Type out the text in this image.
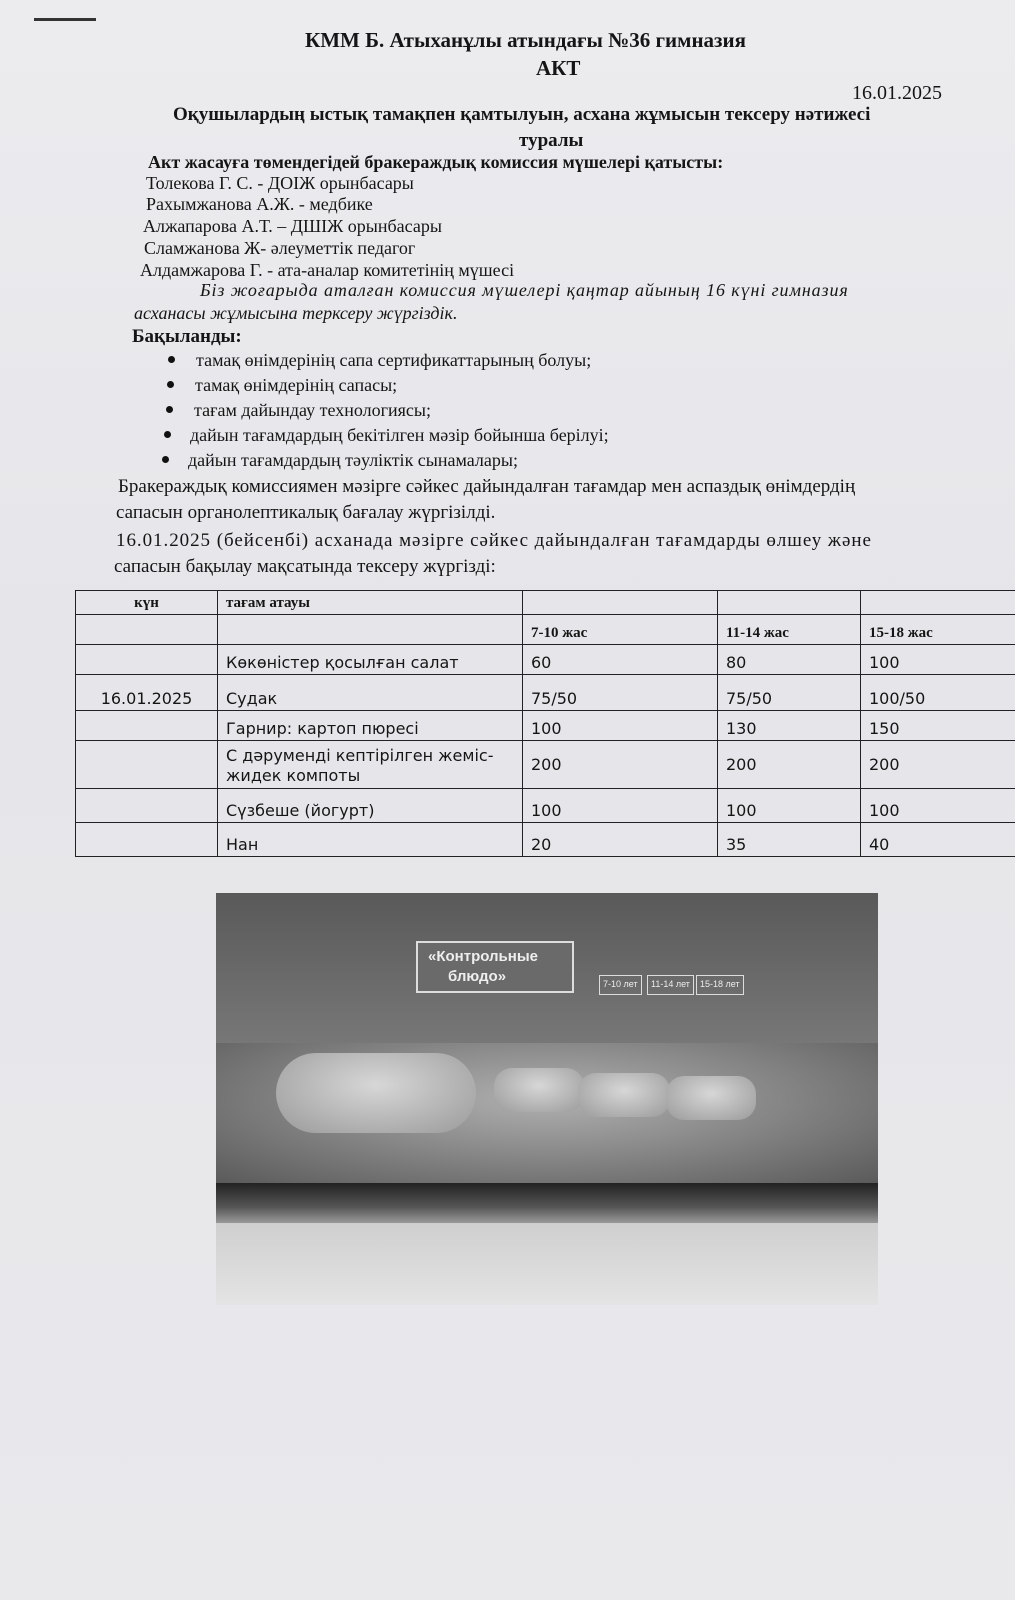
КММ Б. Атыханұлы атындағы №36 гимназия
АКТ
16.01.2025
Оқушылардың ыстық тамақпен қамтылуын, асхана жұмысын тексеру нәтижесі
туралы
Акт жасауға төмендегідей бракераждық комиссия мүшелері қатысты:
Толекова Г. С. - ДОІЖ орынбасары
Рахымжанова А.Ж. - медбике
Алжапарова А.Т. – ДШІЖ орынбасары
Сламжанова Ж- әлеуметтік педагог
Алдамжарова Г. - ата-аналар комитетінің мүшесі
Біз жоғарыда аталған комиссия мүшелері қаңтар айының 16 күні гимназия
асханасы жұмысына терксеру жүргіздік.
Бақыланды:
тамақ өнімдерінің сапа сертификаттарының болуы;
тамақ өнімдерінің сапасы;
тағам дайындау технологиясы;
дайын тағамдардың бекітілген мәзір бойынша берілуі;
дайын тағамдардың тәуліктік сынамалары;
Бракераждық комиссиямен мәзірге сәйкес дайындалған тағамдар мен аспаздық өнімдердің
сапасын органолептикалық бағалау жүргізілді.
16.01.2025 (бейсенбі) асханада мәзірге сәйкес дайындалған тағамдарды өлшеу және
сапасын бақылау мақсатында тексеру жүргізді:
күн	тағам атауы			
		7-10 жас	11-14 жас	15-18 жас
	Көкөністер қосылған салат	60	80	100
16.01.2025	Судак	75/50	75/50	100/50
	Гарнир: картоп пюресі	100	130	150

	С дәруменді кептірілген жеміс-
жидек компоты	200	200	200
	Сүзбеше (йогурт)	100	100	100
	Нан	20	35	40
«Контрольные
блюдо»	7-10 лет	11-14 лет	15-18 лет
